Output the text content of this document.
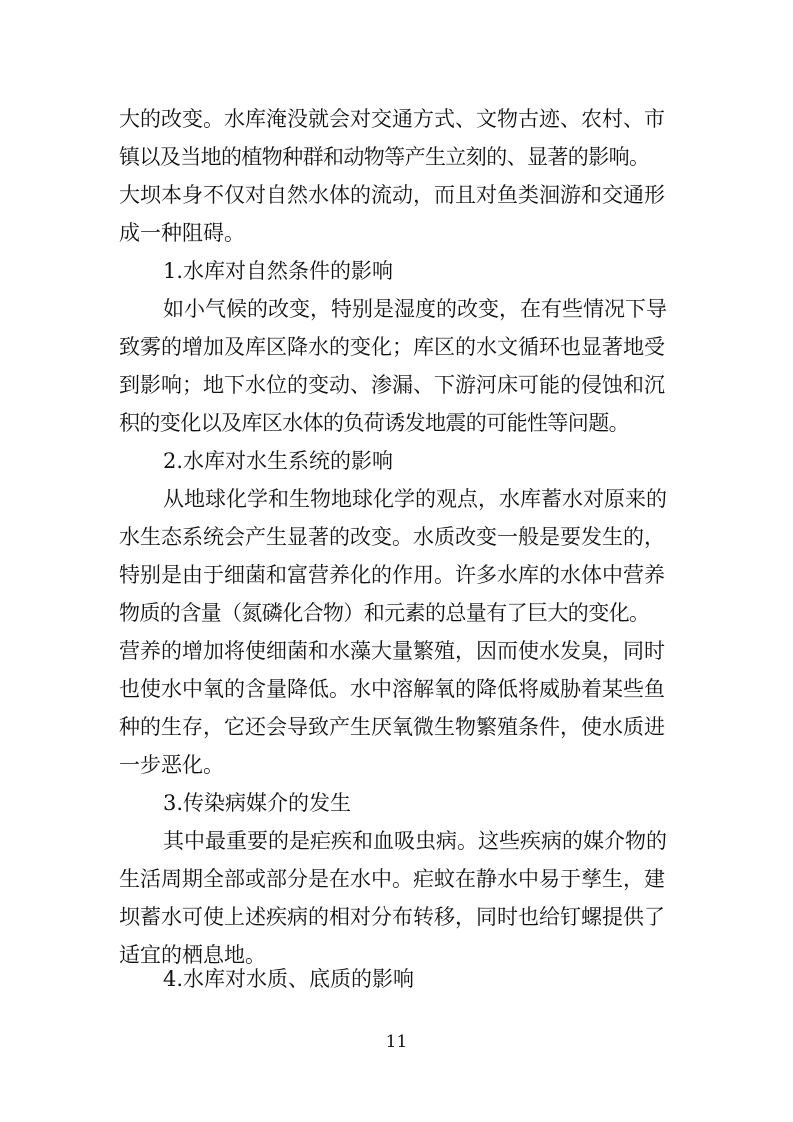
大的改变。水库淹没就会对交通方式、文物古迹、农村、市
镇以及当地的植物种群和动物等产生立刻的、显著的影响。
大坝本身不仅对自然水体的流动，而且对鱼类洄游和交通形
成一种阻碍。
1.水库对自然条件的影响
如小气候的改变，特别是湿度的改变，在有些情况下导
致雾的增加及库区降水的变化；库区的水文循环也显著地受
到影响；地下水位的变动、渗漏、下游河床可能的侵蚀和沉
积的变化以及库区水体的负荷诱发地震的可能性等问题。
2.水库对水生系统的影响
从地球化学和生物地球化学的观点，水库蓄水对原来的
水生态系统会产生显著的改变。水质改变一般是要发生的，
特别是由于细菌和富营养化的作用。许多水库的水体中营养
物质的含量（氮磷化合物）和元素的总量有了巨大的变化。
营养的增加将使细菌和水藻大量繁殖，因而使水发臭，同时
也使水中氧的含量降低。水中溶解氧的降低将威胁着某些鱼
种的生存，它还会导致产生厌氧微生物繁殖条件，使水质进
一步恶化。
3.传染病媒介的发生
其中最重要的是疟疾和血吸虫病。这些疾病的媒介物的
生活周期全部或部分是在水中。疟蚊在静水中易于孳生，建
坝蓄水可使上述疾病的相对分布转移，同时也给钉螺提供了
适宜的栖息地。
4.水库对水质、底质的影响
11
